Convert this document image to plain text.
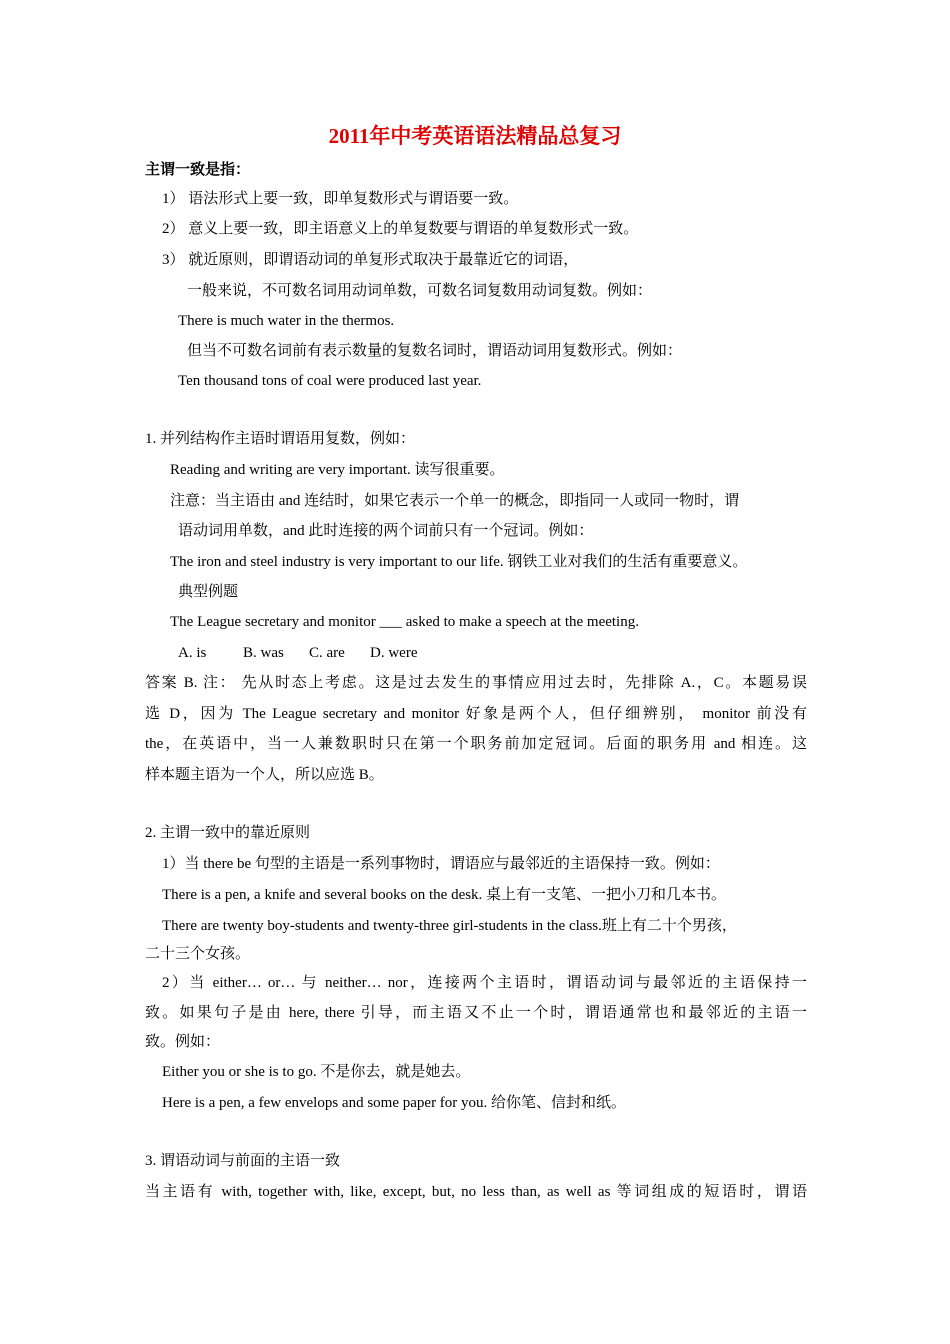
2011年中考英语语法精品总复习
主谓一致是指：
1） 语法形式上要一致，即单复数形式与谓语要一致。
2） 意义上要一致，即主语意义上的单复数要与谓语的单复数形式一致。
3） 就近原则，即谓语动词的单复形式取决于最靠近它的词语，
一般来说，不可数名词用动词单数，可数名词复数用动词复数。例如：
There is much water in the thermos.
但当不可数名词前有表示数量的复数名词时，谓语动词用复数形式。例如：
Ten thousand tons of coal were produced last year.
1. 并列结构作主语时谓语用复数，例如：
Reading and writing are very important. 读写很重要。
注意：当主语由 and 连结时，如果它表示一个单一的概念，即指同一人或同一物时，谓
语动词用单数，and 此时连接的两个词前只有一个冠词。例如：
The iron and steel industry is very important to our life. 钢铁工业对我们的生活有重要意义。
典型例题
The League secretary and monitor ___ asked to make a speech at the meeting.
A. is B. was C. are D. were
答案 B. 注： 先从时态上考虑。这是过去发生的事情应用过去时，先排除 A.，C。本题易误
选 D，因为 The League secretary and monitor 好象是两个人，但仔细辨别， monitor 前没有
the，在英语中，当一人兼数职时只在第一个职务前加定冠词。后面的职务用 and 相连。这
样本题主语为一个人，所以应选 B。
2. 主谓一致中的靠近原则
1）当 there be 句型的主语是一系列事物时，谓语应与最邻近的主语保持一致。例如：
There is a pen, a knife and several books on the desk. 桌上有一支笔、一把小刀和几本书。
There are twenty boy-students and twenty-three girl-students in the class.班上有二十个男孩，
二十三个女孩。
2）当 either… or… 与 neither… nor，连接两个主语时，谓语动词与最邻近的主语保持一
致。如果句子是由 here, there 引导，而主语又不止一个时，谓语通常也和最邻近的主语一
致。例如：
Either you or she is to go. 不是你去，就是她去。
Here is a pen, a few envelops and some paper for you. 给你笔、信封和纸。
3. 谓语动词与前面的主语一致
当主语有 with, together with, like, except, but, no less than, as well as 等词组成的短语时，谓语
